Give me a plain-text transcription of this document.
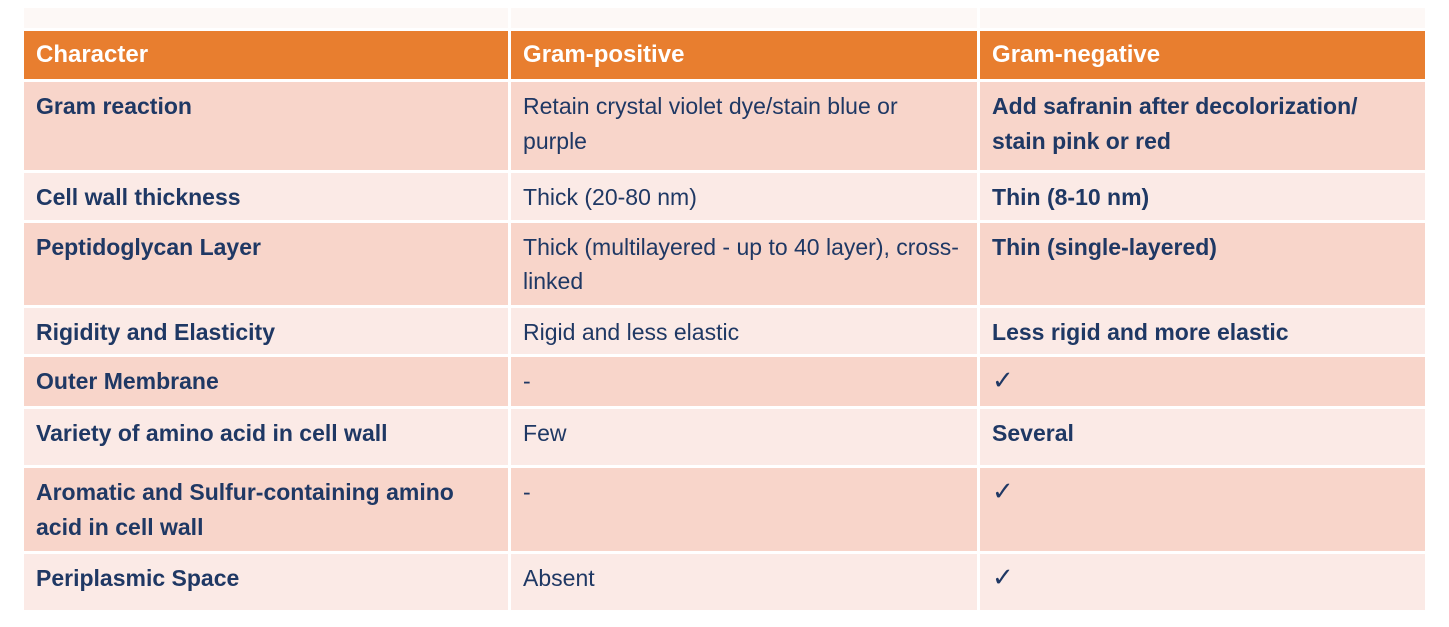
Character	Gram-positive	Gram-negative
Gram reaction	Retain crystal violet dye/stain blue or purple	Add safranin after decolorization/ stain pink or red
Cell wall thickness	Thick (20-80 nm)	Thin (8-10 nm)
Peptidoglycan Layer	Thick (multilayered - up to 40 layer), cross-linked	Thin (single-layered)
Rigidity and Elasticity	Rigid and less elastic	Less rigid and more elastic
Outer Membrane	-	✓
Variety of amino acid in cell wall	Few	Several
Aromatic and Sulfur-containing amino acid in cell wall	-	✓
Periplasmic Space	Absent	✓
